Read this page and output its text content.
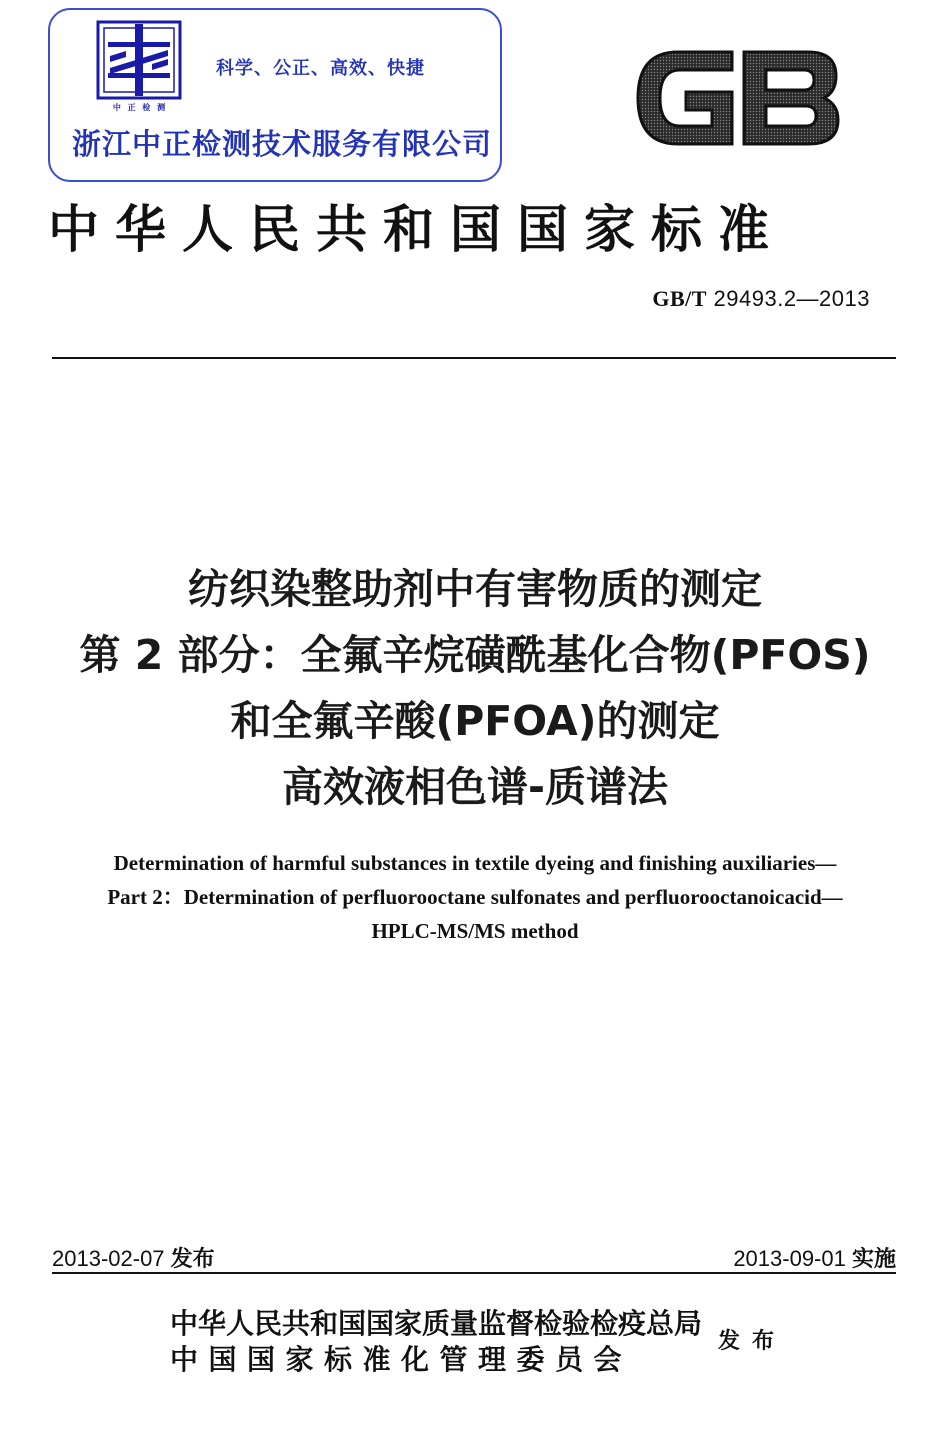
中 正 检 测
科学、公正、高效、快捷
浙江中正检测技术服务有限公司
中华人民共和国国家标准
GB/T 29493.2—2013
纺织染整助剂中有害物质的测定
第 2 部分：全氟辛烷磺酰基化合物(PFOS)
和全氟辛酸(PFOA)的测定
高效液相色谱-质谱法
Determination of harmful substances in textile dyeing and finishing auxiliaries—
Part 2：Determination of perfluorooctane sulfonates and perfluorooctanoicacid—
HPLC-MS/MS method
2013-02-07 发布	2013-09-01 实施
中华人民共和国国家质量监督检验检疫总局
中国国家标准化管理委员会
发布
